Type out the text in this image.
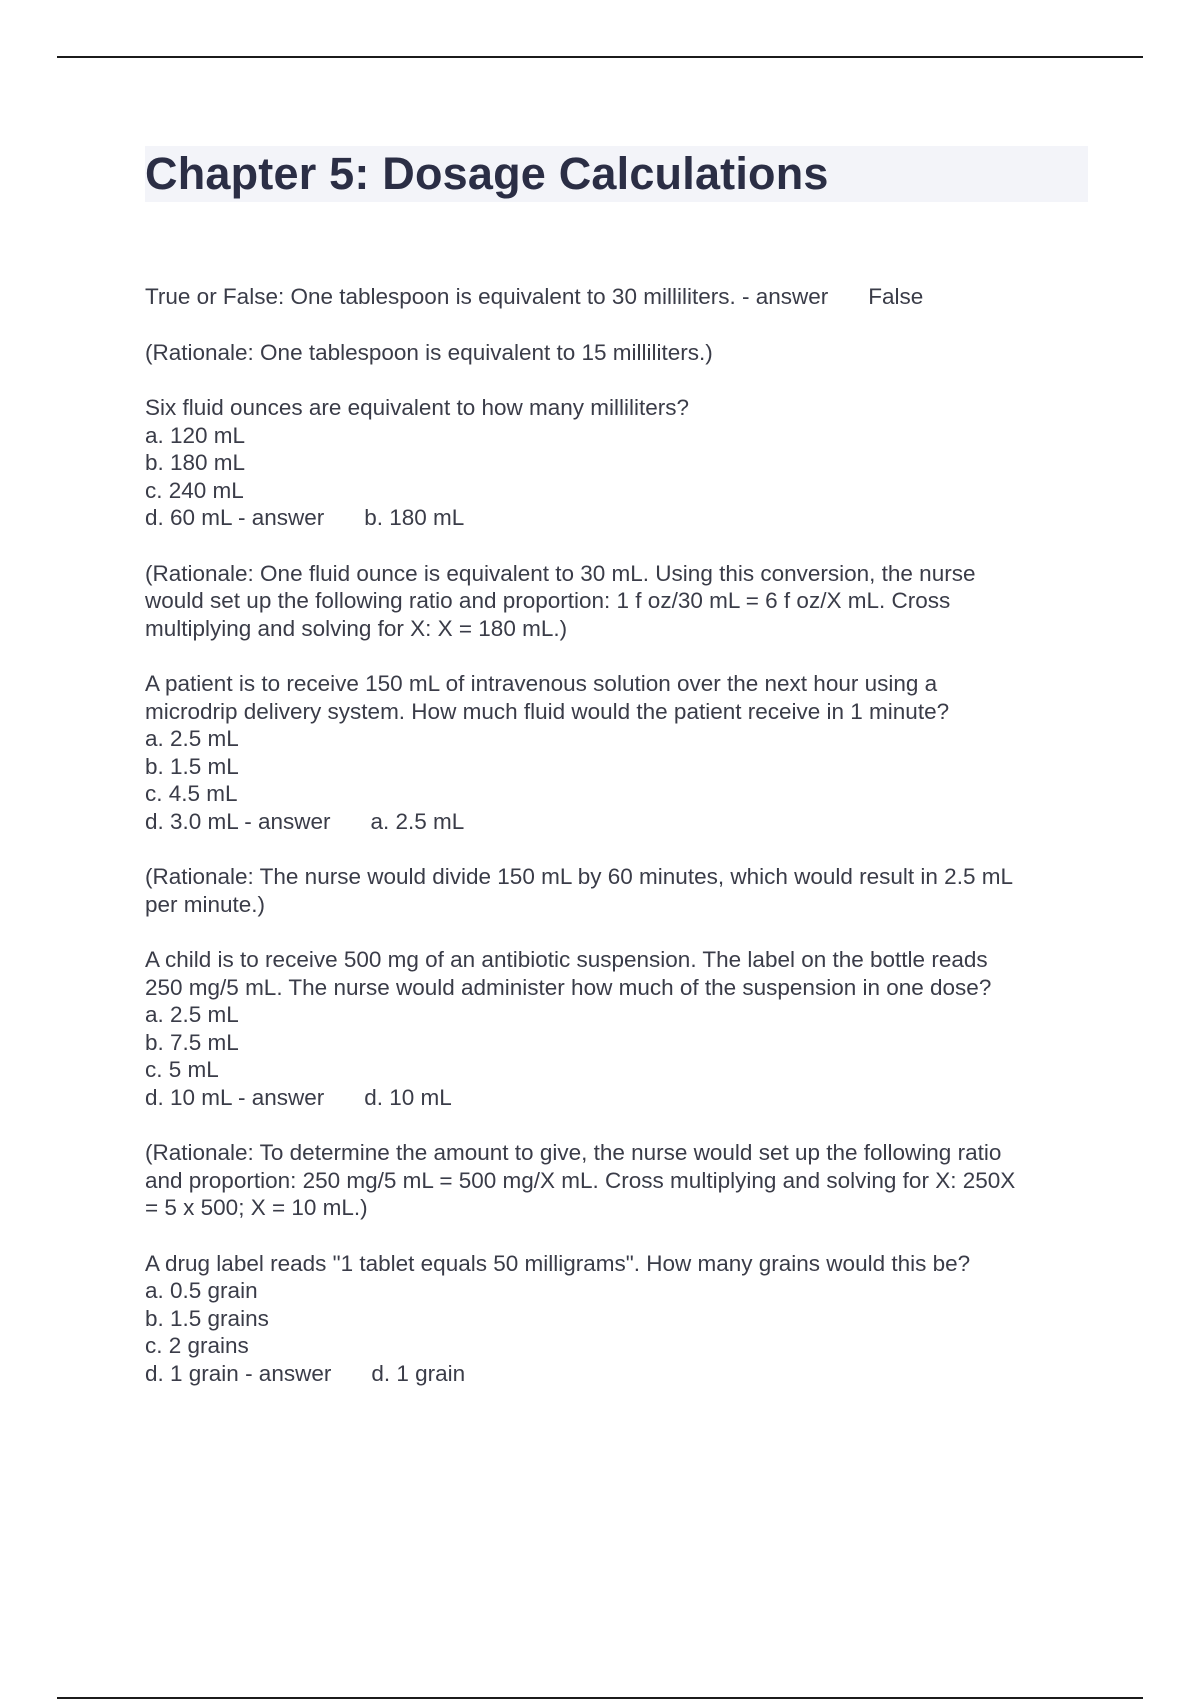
Chapter 5: Dosage Calculations
True or False: One tablespoon is equivalent to 30 milliliters. - answer False
(Rationale: One tablespoon is equivalent to 15 milliliters.)
Six fluid ounces are equivalent to how many milliliters?
a. 120 mL
b. 180 mL
c. 240 mL
d. 60 mL - answer b. 180 mL
(Rationale: One fluid ounce is equivalent to 30 mL. Using this conversion, the nurse
would set up the following ratio and proportion: 1 f oz/30 mL = 6 f oz/X mL. Cross
multiplying and solving for X: X = 180 mL.)
A patient is to receive 150 mL of intravenous solution over the next hour using a
microdrip delivery system. How much fluid would the patient receive in 1 minute?
a. 2.5 mL
b. 1.5 mL
c. 4.5 mL
d. 3.0 mL - answer a. 2.5 mL
(Rationale: The nurse would divide 150 mL by 60 minutes, which would result in 2.5 mL
per minute.)
A child is to receive 500 mg of an antibiotic suspension. The label on the bottle reads
250 mg/5 mL. The nurse would administer how much of the suspension in one dose?
a. 2.5 mL
b. 7.5 mL
c. 5 mL
d. 10 mL - answer d. 10 mL
(Rationale: To determine the amount to give, the nurse would set up the following ratio
and proportion: 250 mg/5 mL = 500 mg/X mL. Cross multiplying and solving for X: 250X
= 5 x 500; X = 10 mL.)
A drug label reads "1 tablet equals 50 milligrams". How many grains would this be?
a. 0.5 grain
b. 1.5 grains
c. 2 grains
d. 1 grain - answer d. 1 grain
